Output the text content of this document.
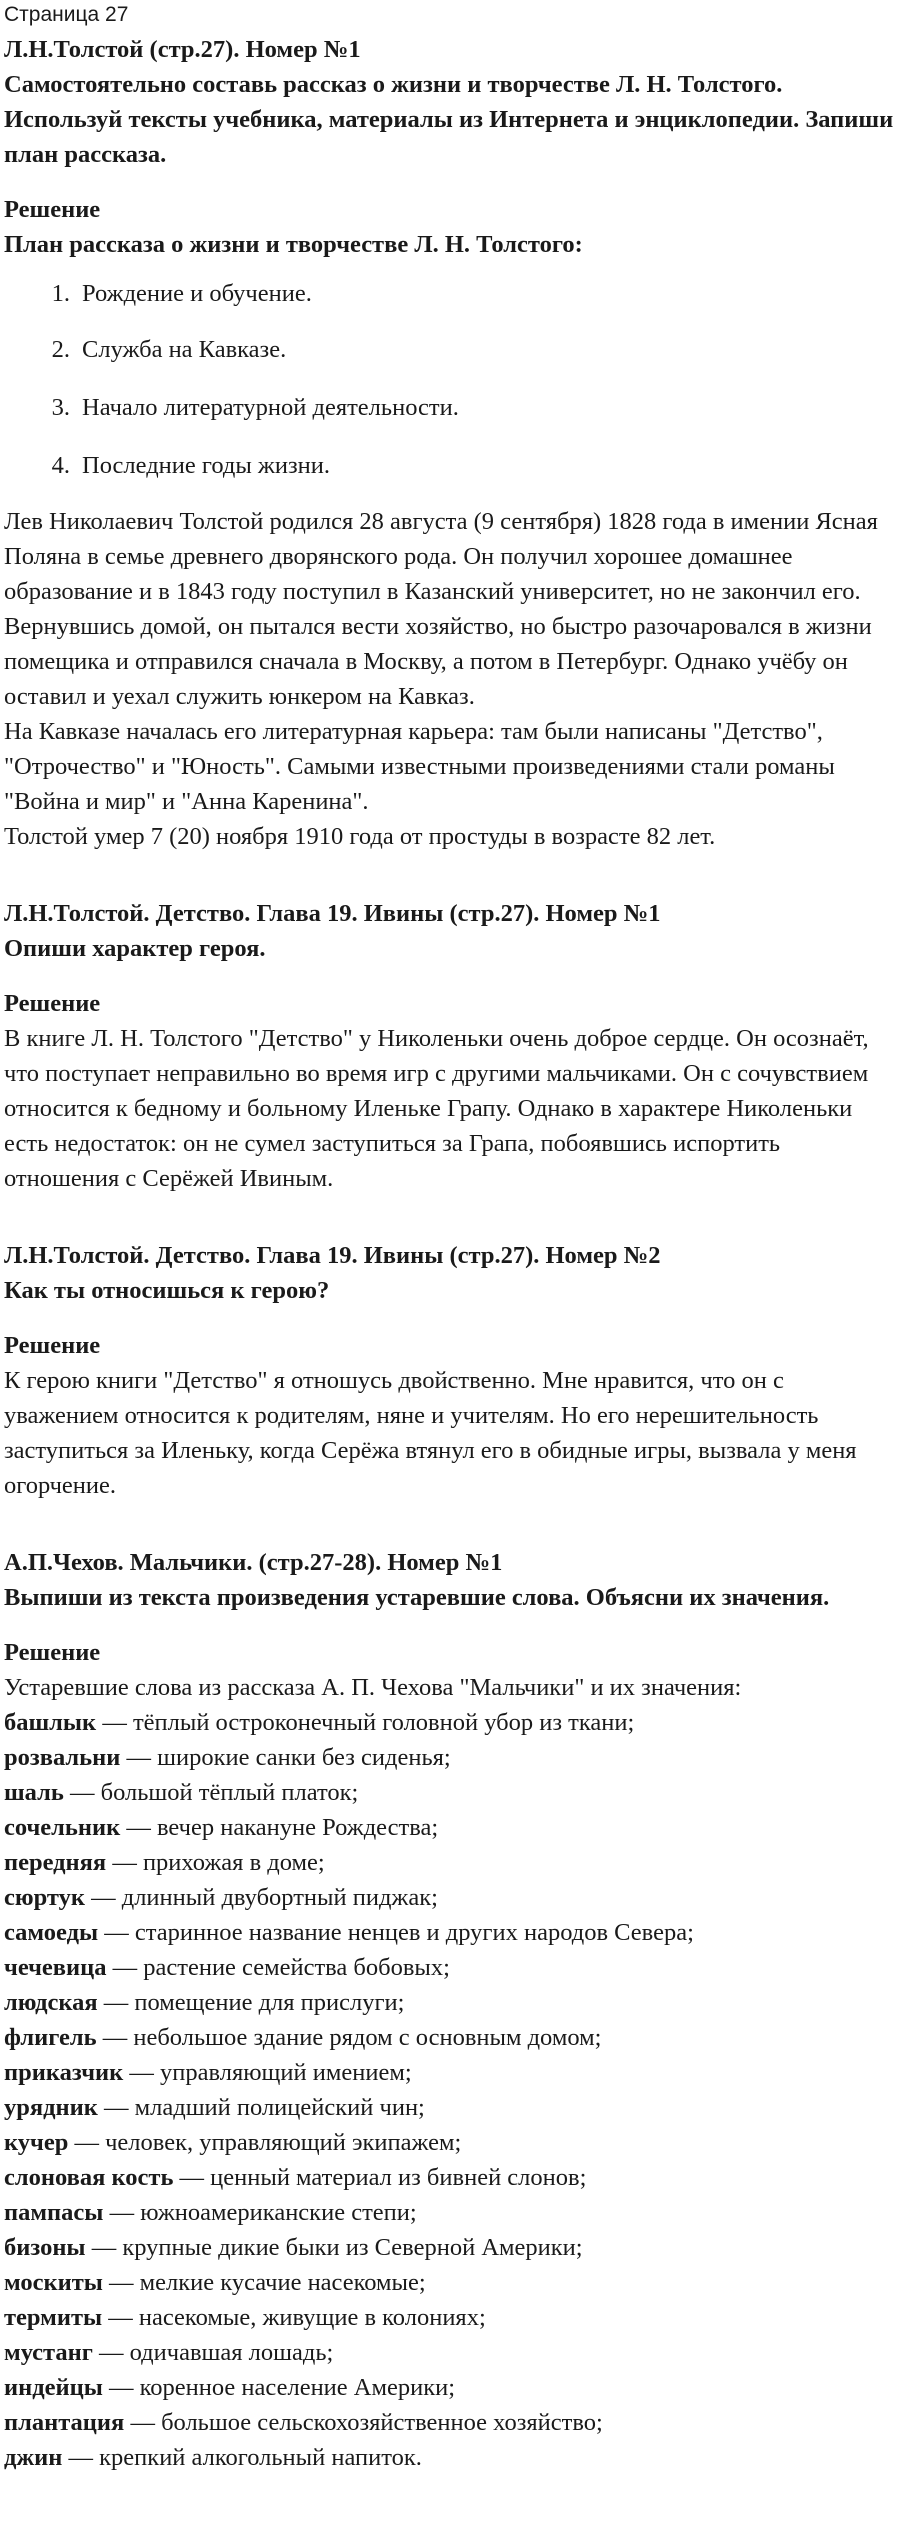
Страница 27

Л.Н.Толстой (стр.27). Номер №1

Самостоятельно составь рассказ о жизни и творчестве Л. Н. Толстого. Используй тексты учебника, материалы из Интернета и энциклопедии. Запиши план рассказа.

Решение

План рассказа о жизни и творчестве Л. Н. Толстого:

1. Рождение и обучение.
2. Служба на Кавказе.
3. Начало литературной деятельности.
4. Последние годы жизни.

Лев Николаевич Толстой родился 28 августа (9 сентября) 1828 года в имении Ясная Поляна в семье древнего дворянского рода. Он получил хорошее домашнее образование и в 1843 году поступил в Казанский университет, но не закончил его.

Вернувшись домой, он пытался вести хозяйство, но быстро разочаровался в жизни помещика и отправился сначала в Москву, а потом в Петербург. Однако учёбу он оставил и уехал служить юнкером на Кавказ.

На Кавказе началась его литературная карьера: там были написаны "Детство", "Отрочество" и "Юность". Самыми известными произведениями стали романы "Война и мир" и "Анна Каренина".

Толстой умер 7 (20) ноября 1910 года от простуды в возрасте 82 лет.

Л.Н.Толстой. Детство. Глава 19. Ивины (стр.27). Номер №1

Опиши характер героя.

Решение

В книге Л. Н. Толстого "Детство" у Николеньки очень доброе сердце. Он осознаёт, что поступает неправильно во время игр с другими мальчиками. Он с сочувствием относится к бедному и больному Иленьке Грапу. Однако в характере Николеньки есть недостаток: он не сумел заступиться за Грапа, побоявшись испортить отношения с Серёжей Ивиным.

Л.Н.Толстой. Детство. Глава 19. Ивины (стр.27). Номер №2

Как ты относишься к герою?

Решение

К герою книги "Детство" я отношусь двойственно. Мне нравится, что он с уважением относится к родителям, няне и учителям. Но его нерешительность заступиться за Иленьку, когда Серёжа втянул его в обидные игры, вызвала у меня огорчение.

А.П.Чехов. Мальчики. (стр.27-28). Номер №1

Выпиши из текста произведения устаревшие слова. Объясни их значения.

Решение

Устаревшие слова из рассказа А. П. Чехова "Мальчики" и их значения:

башлык — тёплый остроконечный головной убор из ткани;

розвальни — широкие санки без сиденья;

шаль — большой тёплый платок;

сочельник — вечер накануне Рождества;

передняя — прихожая в доме;

сюртук — длинный двубортный пиджак;

самоеды — старинное название ненцев и других народов Севера;

чечевица — растение семейства бобовых;

людская — помещение для прислуги;

флигель — небольшое здание рядом с основным домом;

приказчик — управляющий имением;

урядник — младший полицейский чин;

кучер — человек, управляющий экипажем;

слоновая кость — ценный материал из бивней слонов;

пампасы — южноамериканские степи;

бизоны — крупные дикие быки из Северной Америки;

москиты — мелкие кусачие насекомые;

термиты — насекомые, живущие в колониях;

мустанг — одичавшая лошадь;

индейцы — коренное население Америки;

плантация — большое сельскохозяйственное хозяйство;

джин — крепкий алкогольный напиток.
